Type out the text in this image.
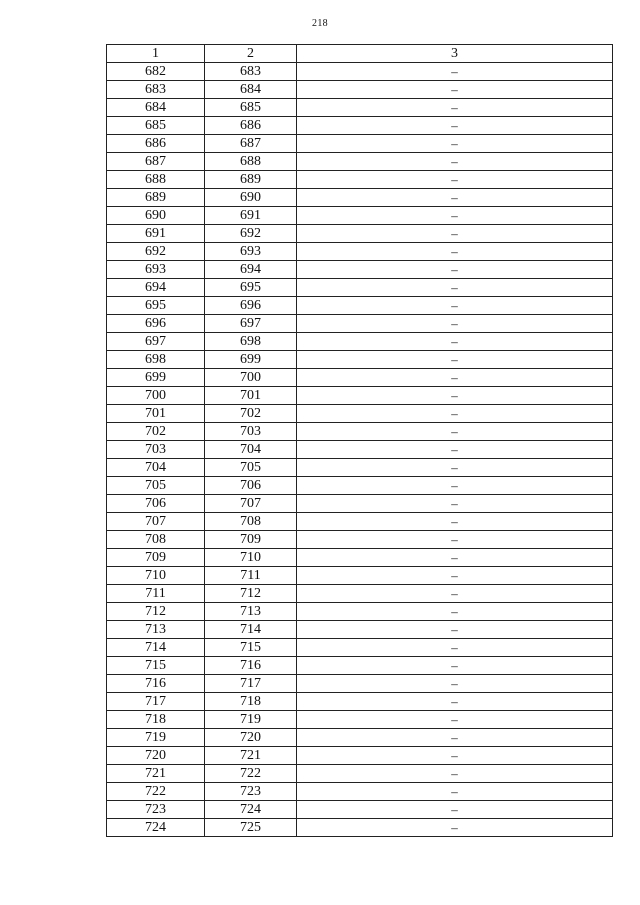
218
1	2	3
682	683	–
683	684	–
684	685	–
685	686	–
686	687	–
687	688	–
688	689	–
689	690	–
690	691	–
691	692	–
692	693	–
693	694	–
694	695	–
695	696	–
696	697	–
697	698	–
698	699	–
699	700	–
700	701	–
701	702	–
702	703	–
703	704	–
704	705	–
705	706	–
706	707	–
707	708	–
708	709	–
709	710	–
710	711	–
711	712	–
712	713	–
713	714	–
714	715	–
715	716	–
716	717	–
717	718	–
718	719	–
719	720	–
720	721	–
721	722	–
722	723	–
723	724	–
724	725	–
